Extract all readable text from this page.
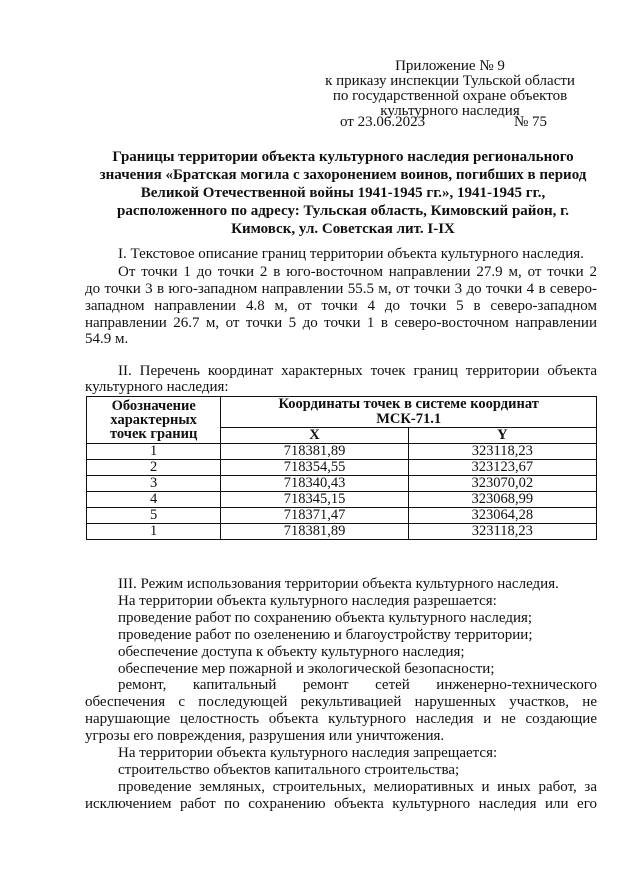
Приложение № 9
к приказу инспекции Тульской области
по государственной охране объектов
культурного наследия
от 23.06.2023	№ 75
Границы территории объекта культурного наследия регионального
значения «Братская могила с захоронением воинов, погибших в период
Великой Отечественной войны 1941-1945 гг.», 1941-1945 гг.,
расположенного по адресу: Тульская область, Кимовский район, г.
Кимовск, ул. Советская лит. I-IX
I. Текстовое описание границ территории объекта культурного наследия.
От точки 1 до точки 2 в юго-восточном направлении 27.9 м, от точки 2
до точки 3 в юго-западном направлении 55.5 м, от точки 3 до точки 4 в северо-
западном направлении 4.8 м, от точки 4 до точки 5 в северо-западном
направлении 26.7 м, от точки 5 до точки 1 в северо-восточном направлении
54.9 м.
II. Перечень координат характерных точек границ территории объекта
культурного наследия:
Обозначение
характерных
точек границ	Координаты точек в системе координат
МСК-71.1	

	X	Y
1	718381,89	323118,23
2	718354,55	323123,67
3	718340,43	323070,02
4	718345,15	323068,99
5	718371,47	323064,28
1	718381,89	323118,23
III. Режим использования территории объекта культурного наследия.
На территории объекта культурного наследия разрешается:
проведение работ по сохранению объекта культурного наследия;
проведение работ по озеленению и благоустройству территории;
обеспечение доступа к объекту культурного наследия;
обеспечение мер пожарной и экологической безопасности;
ремонт, капитальный ремонт сетей инженерно-технического
обеспечения с последующей рекультивацией нарушенных участков, не
нарушающие целостность объекта культурного наследия и не создающие
угрозы его повреждения, разрушения или уничтожения.
На территории объекта культурного наследия запрещается:
строительство объектов капитального строительства;
проведение земляных, строительных, мелиоративных и иных работ, за
исключением работ по сохранению объекта культурного наследия или его
